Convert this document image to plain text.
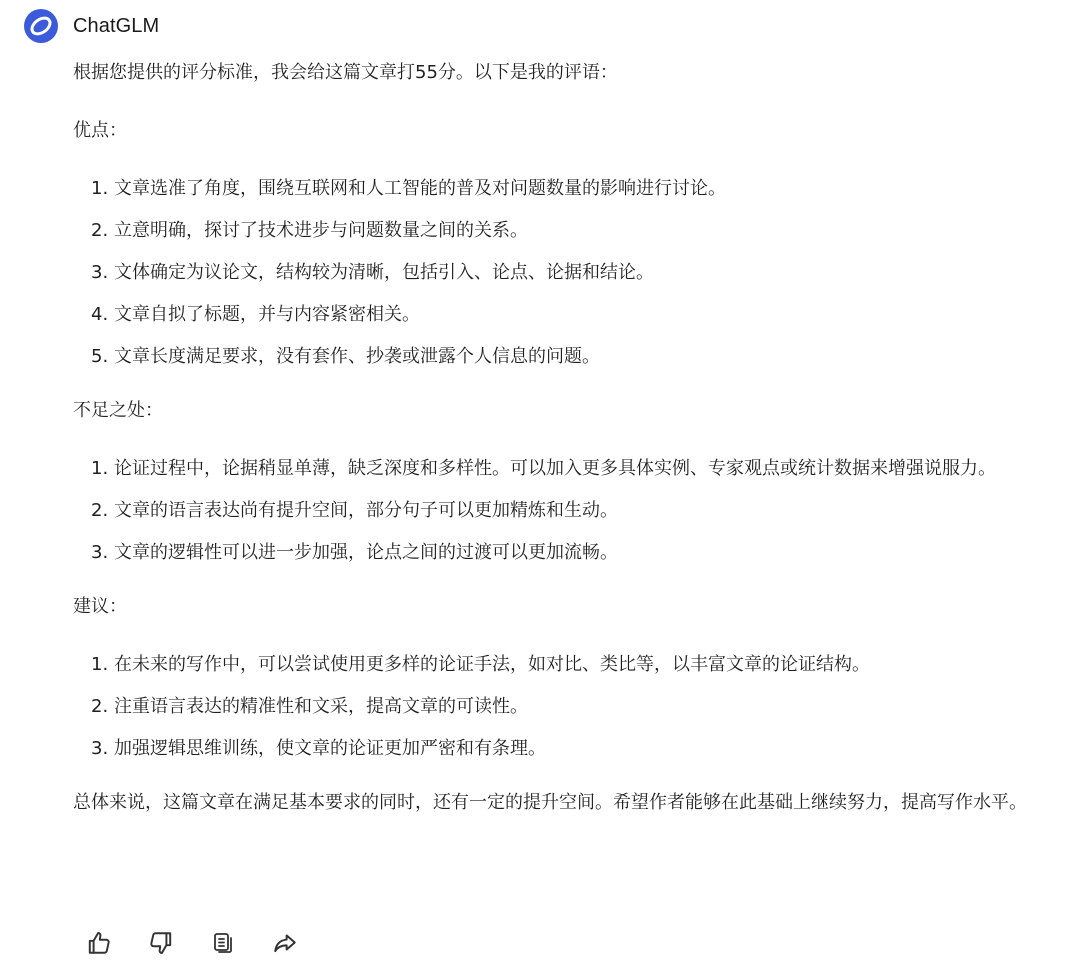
ChatGLM

根据您提供的评分标准，我会给这篇文章打55分。以下是我的评语：

优点：

1. 文章选准了角度，围绕互联网和人工智能的普及对问题数量的影响进行讨论。
2. 立意明确，探讨了技术进步与问题数量之间的关系。
3. 文体确定为议论文，结构较为清晰，包括引入、论点、论据和结论。
4. 文章自拟了标题，并与内容紧密相关。
5. 文章长度满足要求，没有套作、抄袭或泄露个人信息的问题。

不足之处：

1. 论证过程中，论据稍显单薄，缺乏深度和多样性。可以加入更多具体实例、专家观点或统计数据来增强说服力。
2. 文章的语言表达尚有提升空间，部分句子可以更加精炼和生动。
3. 文章的逻辑性可以进一步加强，论点之间的过渡可以更加流畅。

建议：

1. 在未来的写作中，可以尝试使用更多样的论证手法，如对比、类比等，以丰富文章的论证结构。
2. 注重语言表达的精准性和文采，提高文章的可读性。
3. 加强逻辑思维训练，使文章的论证更加严密和有条理。

总体来说，这篇文章在满足基本要求的同时，还有一定的提升空间。希望作者能够在此基础上继续努力，提高写作水平。
